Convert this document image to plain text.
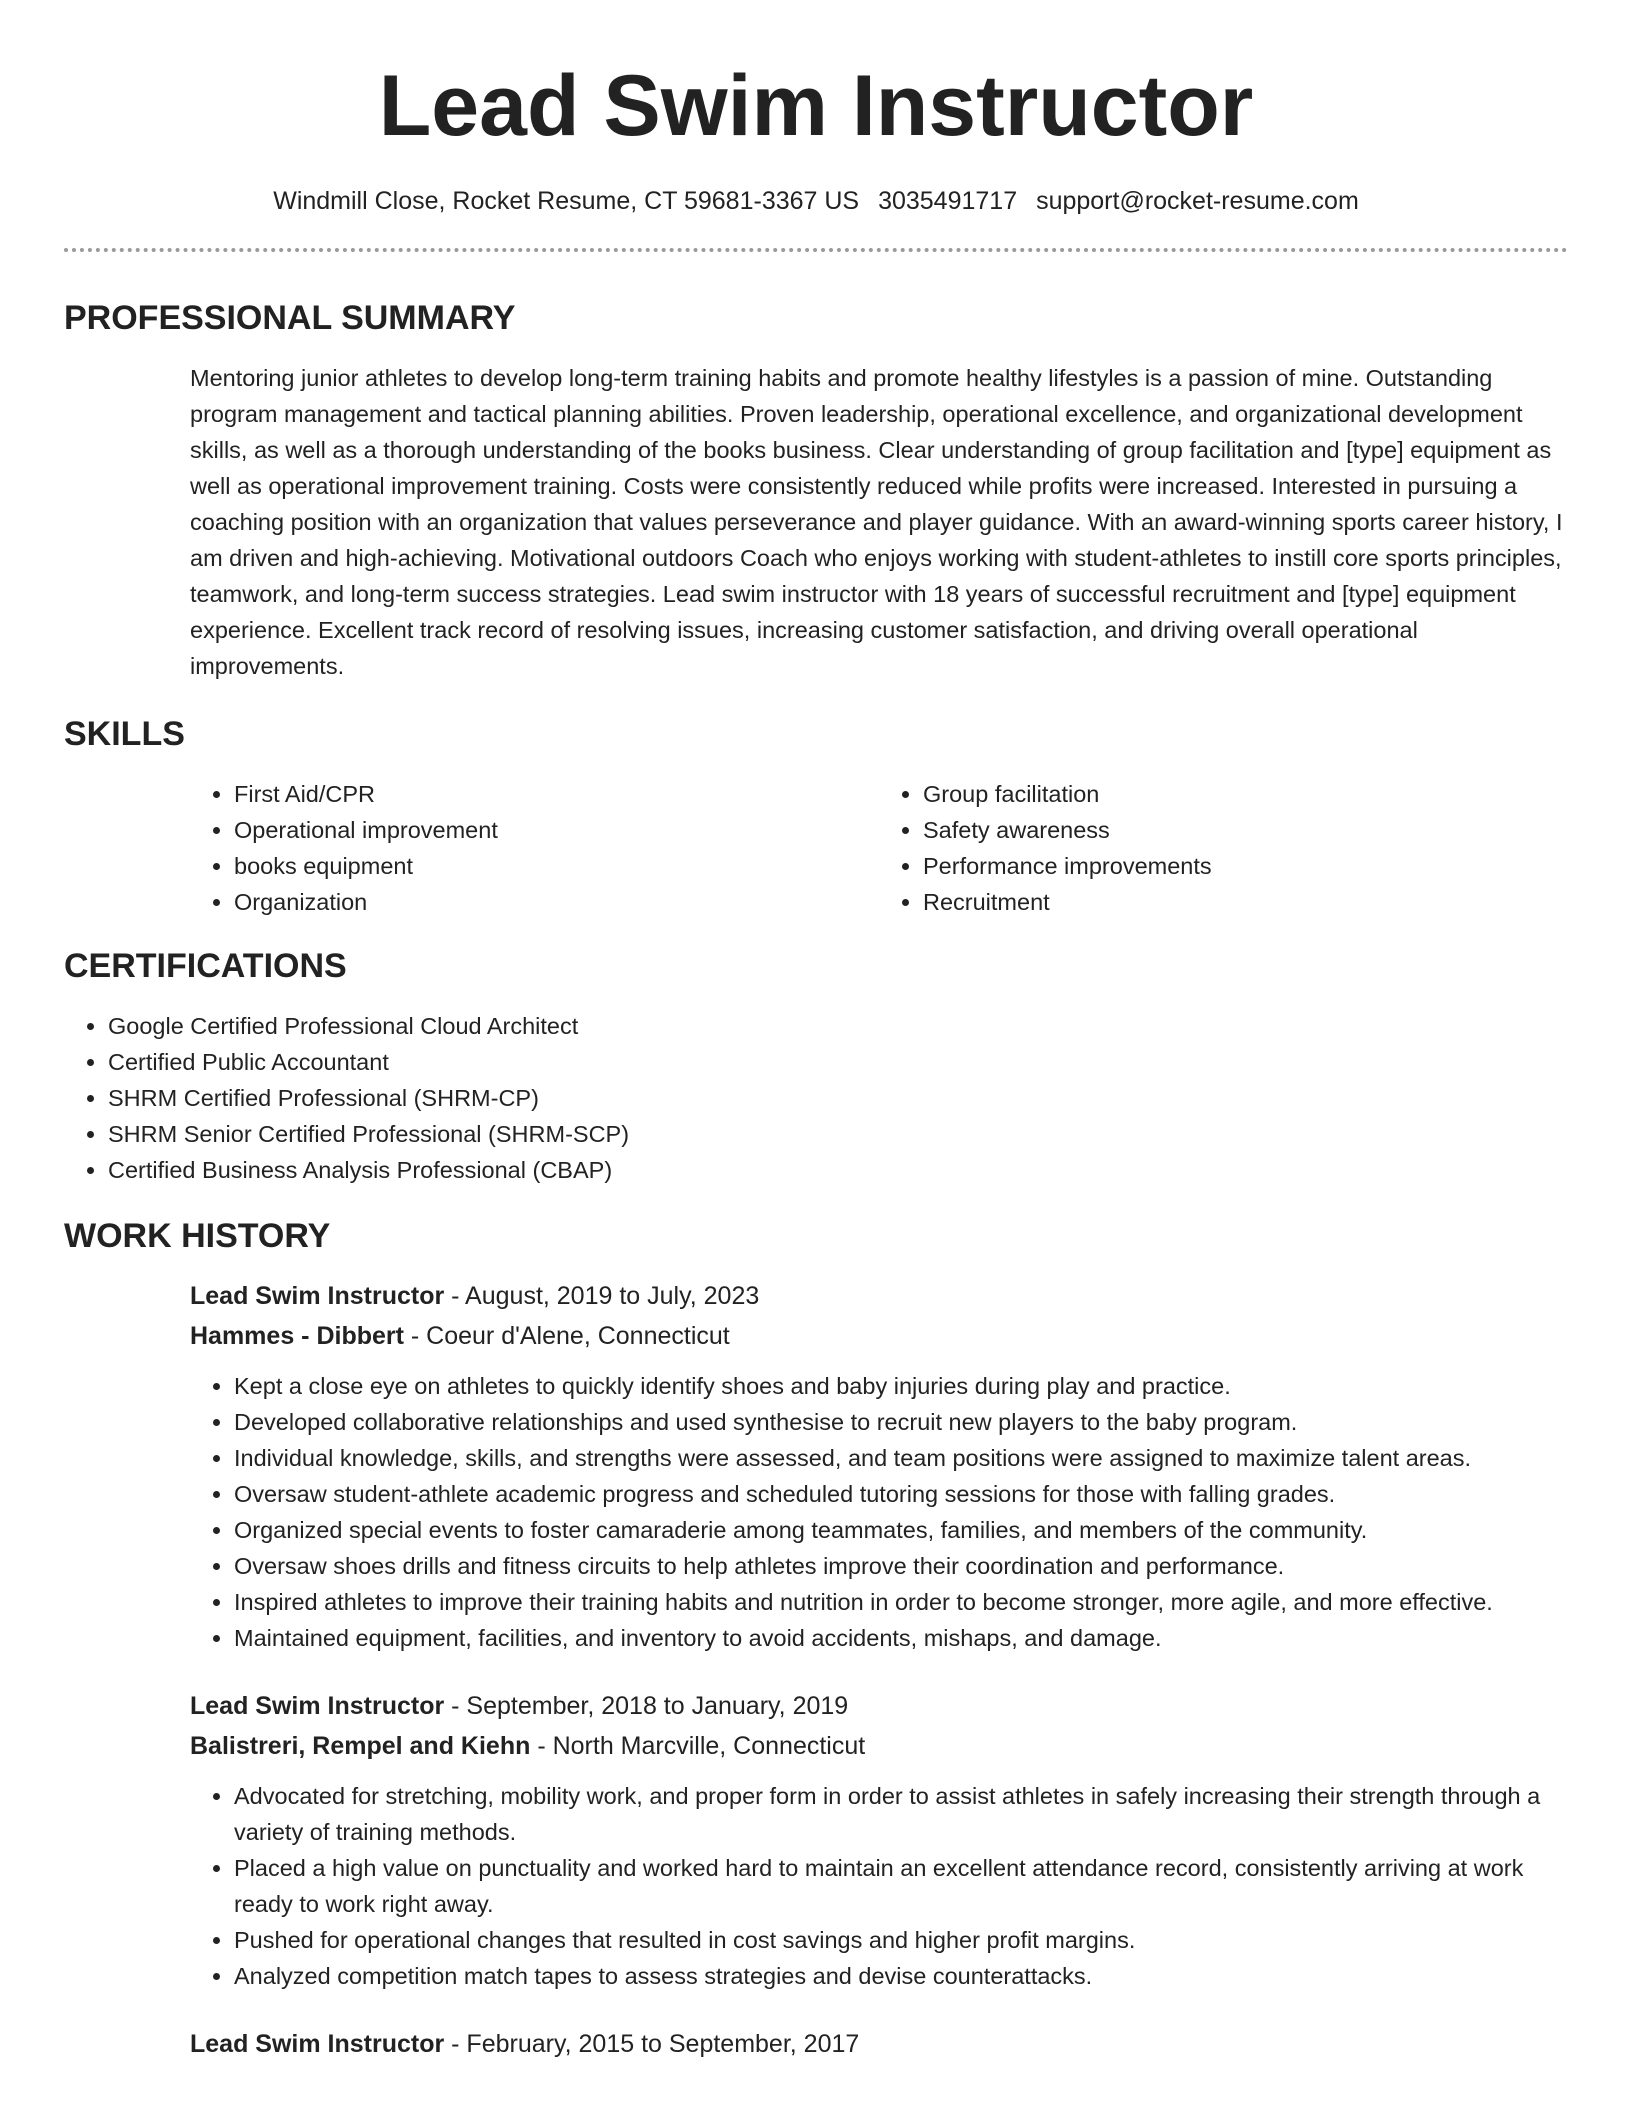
Lead Swim Instructor
Windmill Close, Rocket Resume, CT 59681-3367 US 3035491717 support@rocket-resume.com
PROFESSIONAL SUMMARY

Mentoring junior athletes to develop long-term training habits and promote healthy lifestyles is a passion of mine. Outstanding program management and tactical planning abilities. Proven leadership, operational excellence, and organizational development skills, as well as a thorough understanding of the books business. Clear understanding of group facilitation and [type] equipment as well as operational improvement training. Costs were consistently reduced while profits were increased. Interested in pursuing a coaching position with an organization that values perseverance and player guidance. With an award-winning sports career history, I am driven and high-achieving. Motivational outdoors Coach who enjoys working with student-athletes to instill core sports principles, teamwork, and long-term success strategies. Lead swim instructor with 18 years of successful recruitment and [type] equipment experience. Excellent track record of resolving issues, increasing customer satisfaction, and driving overall operational improvements.

SKILLS
• First Aid/CPR
• Operational improvement
• books equipment
• Organization
• Group facilitation
• Safety awareness
• Performance improvements
• Recruitment
CERTIFICATIONS
• Google Certified Professional Cloud Architect
• Certified Public Accountant
• SHRM Certified Professional (SHRM-CP)
• SHRM Senior Certified Professional (SHRM-SCP)
• Certified Business Analysis Professional (CBAP)
WORK HISTORY
Lead Swim Instructor - August, 2019 to July, 2023
Hammes - Dibbert - Coeur d'Alene, Connecticut
• Kept a close eye on athletes to quickly identify shoes and baby injuries during play and practice.
• Developed collaborative relationships and used synthesise to recruit new players to the baby program.
• Individual knowledge, skills, and strengths were assessed, and team positions were assigned to maximize talent areas.
• Oversaw student-athlete academic progress and scheduled tutoring sessions for those with falling grades.
• Organized special events to foster camaraderie among teammates, families, and members of the community.
• Oversaw shoes drills and fitness circuits to help athletes improve their coordination and performance.
• Inspired athletes to improve their training habits and nutrition in order to become stronger, more agile, and more effective.
• Maintained equipment, facilities, and inventory to avoid accidents, mishaps, and damage.
Lead Swim Instructor - September, 2018 to January, 2019
Balistreri, Rempel and Kiehn - North Marcville, Connecticut
• Advocated for stretching, mobility work, and proper form in order to assist athletes in safely increasing their strength through a variety of training methods.
• Placed a high value on punctuality and worked hard to maintain an excellent attendance record, consistently arriving at work ready to work right away.
• Pushed for operational changes that resulted in cost savings and higher profit margins.
• Analyzed competition match tapes to assess strategies and devise counterattacks.
Lead Swim Instructor - February, 2015 to September, 2017
